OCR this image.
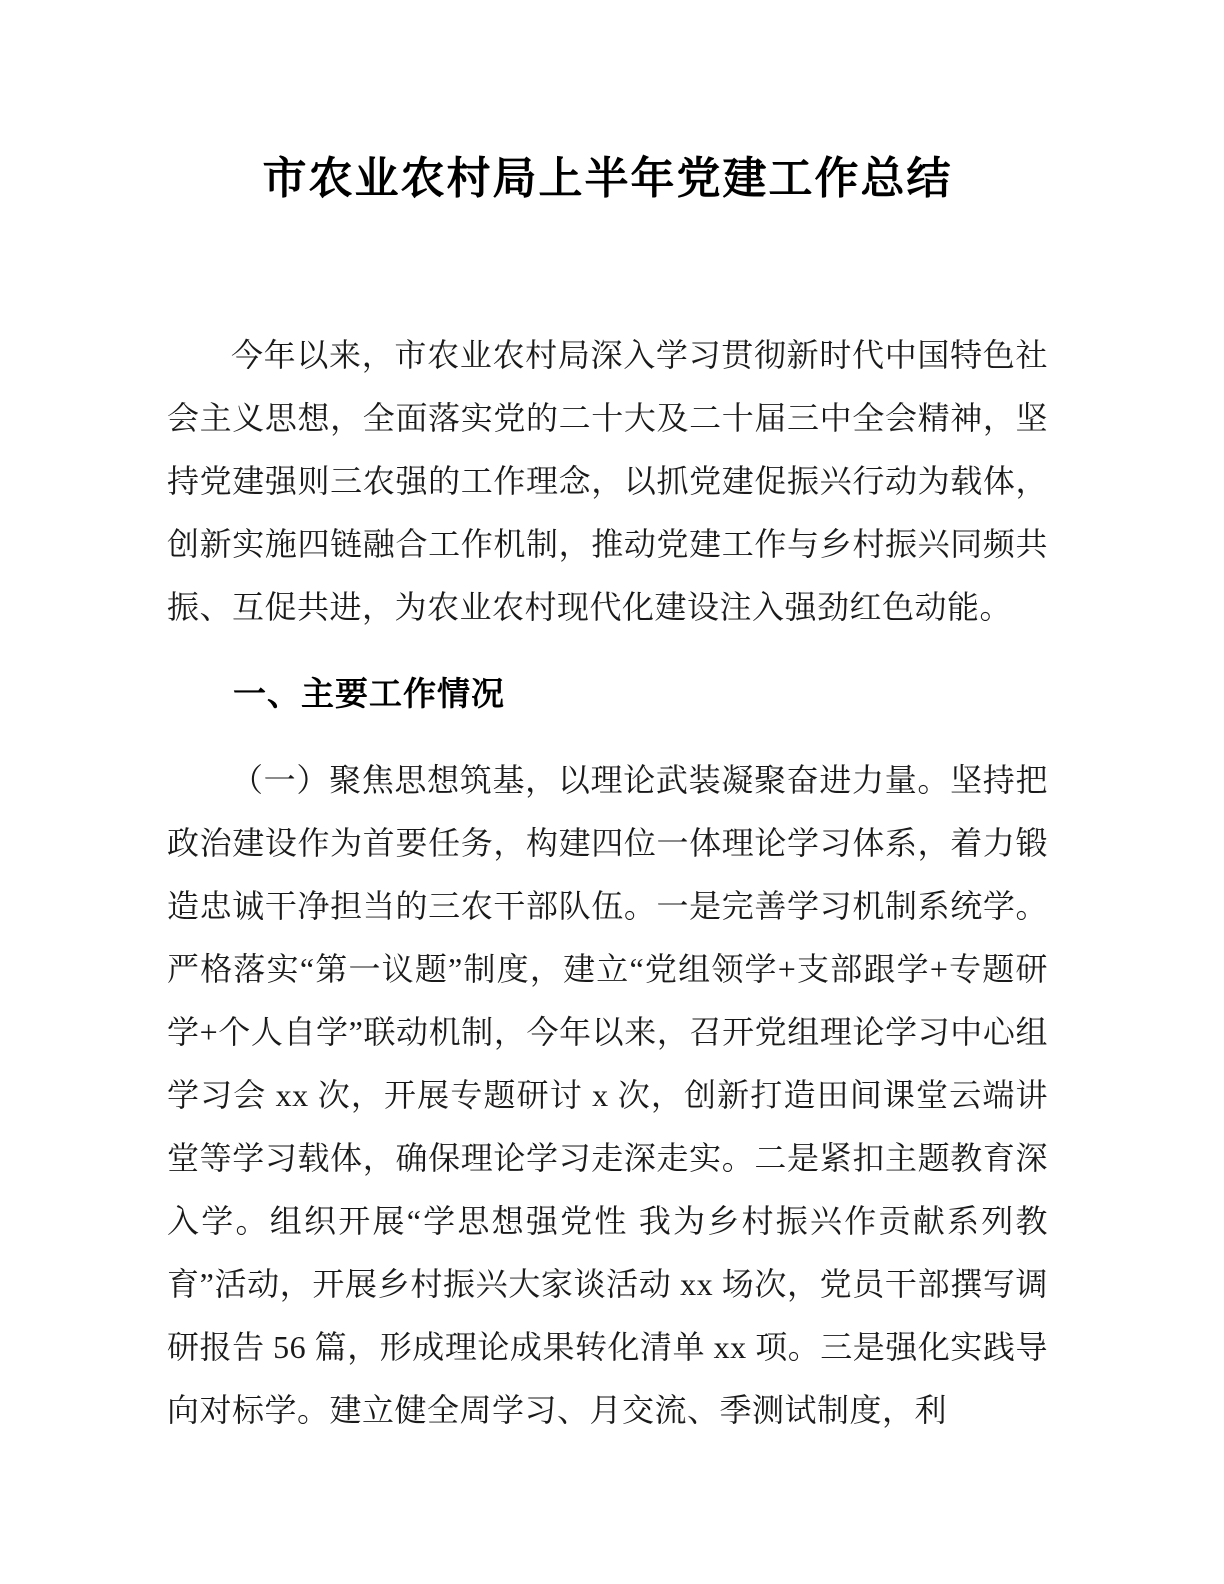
市农业农村局上半年党建工作总结

今年以来，市农业农村局深入学习贯彻新时代中国特色社会主义思想，全面落实党的二十大及二十届三中全会精神，坚持党建强则三农强的工作理念，以抓党建促振兴行动为载体，创新实施四链融合工作机制，推动党建工作与乡村振兴同频共振、互促共进，为农业农村现代化建设注入强劲红色动能。

一、主要工作情况

（一）聚焦思想筑基，以理论武装凝聚奋进力量。坚持把政治建设作为首要任务，构建四位一体理论学习体系，着力锻造忠诚干净担当的三农干部队伍。一是完善学习机制系统学。严格落实“第一议题”制度，建立“党组领学+支部跟学+专题研学+个人自学”联动机制，今年以来，召开党组理论学习中心组学习会 xx 次，开展专题研讨 x 次，创新打造田间课堂云端讲堂等学习载体，确保理论学习走深走实。二是紧扣主题教育深入学。组织开展“学思想强党性 我为乡村振兴作贡献系列教育”活动，开展乡村振兴大家谈活动 xx 场次，党员干部撰写调研报告 56 篇，形成理论成果转化清单 xx 项。三是强化实践导向对标学。建立健全周学习、月交流、季测试制度，利
